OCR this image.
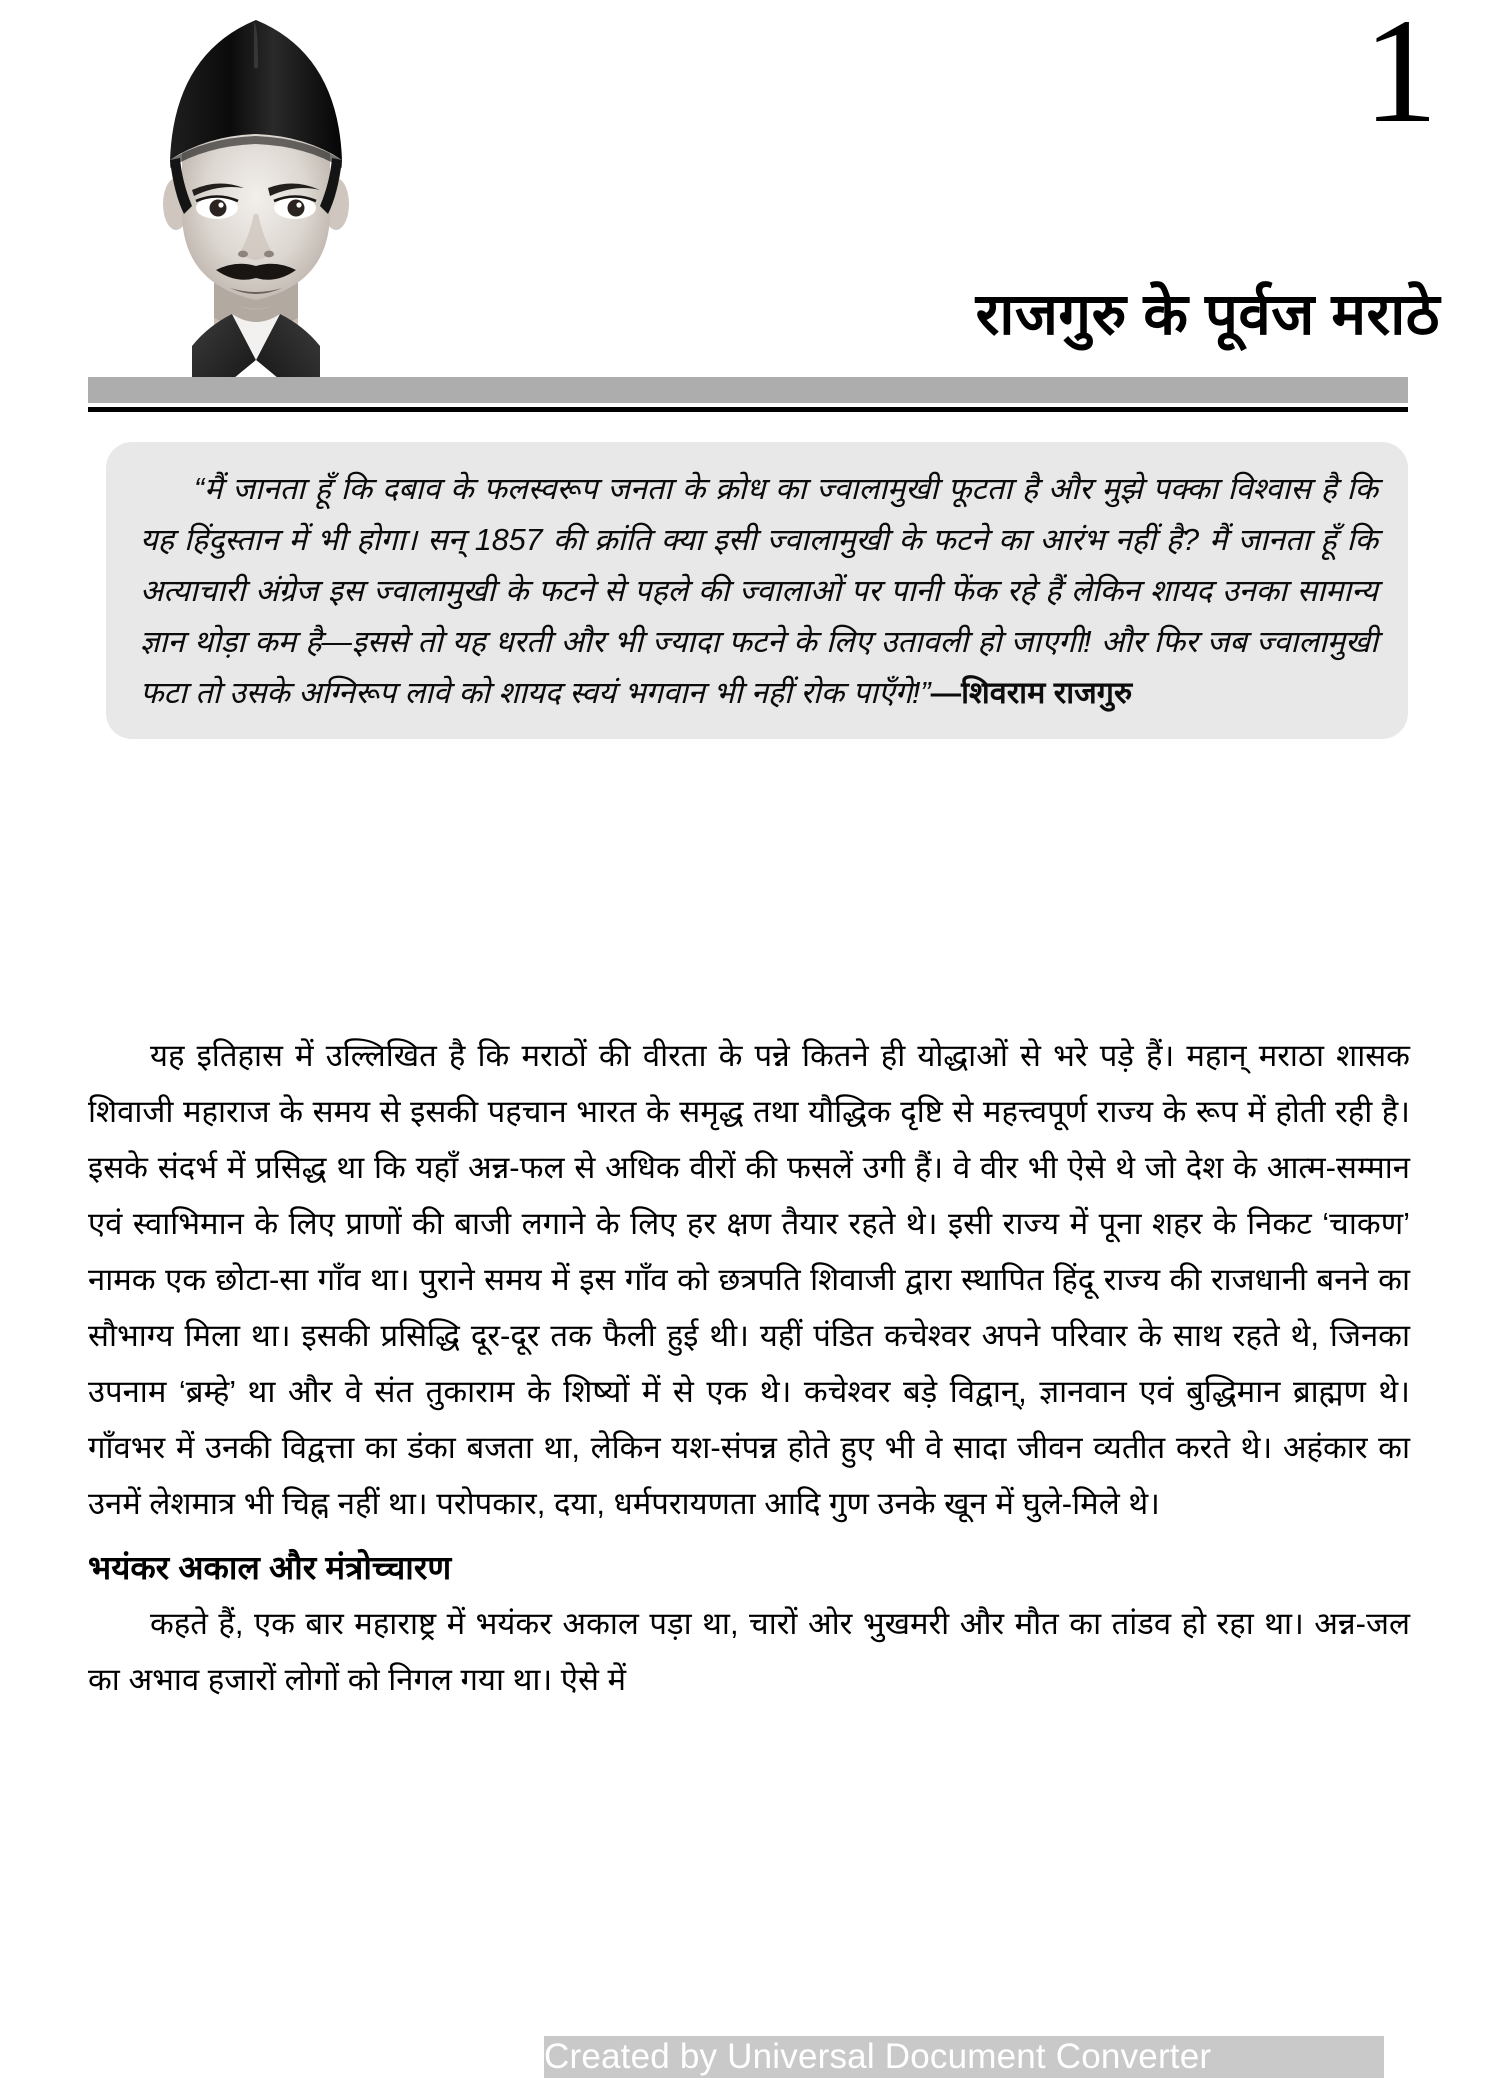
1
राजगुरु के पूर्वज मराठे

“मैं जानता हूँ कि दबाव के फलस्वरूप जनता के क्रोध का ज्वालामुखी फूटता है और मुझे पक्का विश्वास है कि यह हिंदुस्तान में भी होगा। सन् 1857 की क्रांति क्या इसी ज्वालामुखी के फटने का आरंभ नहीं है? मैं जानता हूँ कि अत्याचारी अंग्रेज इस ज्वालामुखी के फटने से पहले की ज्वालाओं पर पानी फेंक रहे हैं लेकिन शायद उनका सामान्य ज्ञान थोड़ा कम है—इससे तो यह धरती और भी ज्यादा फटने के लिए उतावली हो जाएगी! और फिर जब ज्वालामुखी फटा तो उसके अग्निरूप लावे को शायद स्वयं भगवान भी नहीं रोक पाएँगे!”—शिवराम राजगुरु

यह इतिहास में उल्लिखित है कि मराठों की वीरता के पन्ने कितने ही योद्धाओं से भरे पड़े हैं। महान् मराठा शासक शिवाजी महाराज के समय से इसकी पहचान भारत के समृद्ध तथा यौद्धिक दृष्टि से महत्त्वपूर्ण राज्य के रूप में होती रही है। इसके संदर्भ में प्रसिद्ध था कि यहाँ अन्न-फल से अधिक वीरों की फसलें उगी हैं। वे वीर भी ऐसे थे जो देश के आत्म-सम्मान एवं स्वाभिमान के लिए प्राणों की बाजी लगाने के लिए हर क्षण तैयार रहते थे। इसी राज्य में पूना शहर के निकट ‘चाकण’ नामक एक छोटा-सा गाँव था। पुराने समय में इस गाँव को छत्रपति शिवाजी द्वारा स्थापित हिंदू राज्य की राजधानी बनने का सौभाग्य मिला था। इसकी प्रसिद्धि दूर-दूर तक फैली हुई थी। यहीं पंडित कचेश्वर अपने परिवार के साथ रहते थे, जिनका उपनाम ‘ब्रम्हे’ था और वे संत तुकाराम के शिष्यों में से एक थे। कचेश्वर बड़े विद्वान्, ज्ञानवान एवं बुद्धिमान ब्राह्मण थे। गाँवभर में उनकी विद्वत्ता का डंका बजता था, लेकिन यश-संपन्न होते हुए भी वे सादा जीवन व्यतीत करते थे। अहंकार का उनमें लेशमात्र भी चिह्न नहीं था। परोपकार, दया, धर्मपरायणता आदि गुण उनके खून में घुले-मिले थे।

भयंकर अकाल और मंत्रोच्चारण

कहते हैं, एक बार महाराष्ट्र में भयंकर अकाल पड़ा था, चारों ओर भुखमरी और मौत का तांडव हो रहा था। अन्न-जल का अभाव हजारों लोगों को निगल गया था। ऐसे में

Created by Universal Document Converter
